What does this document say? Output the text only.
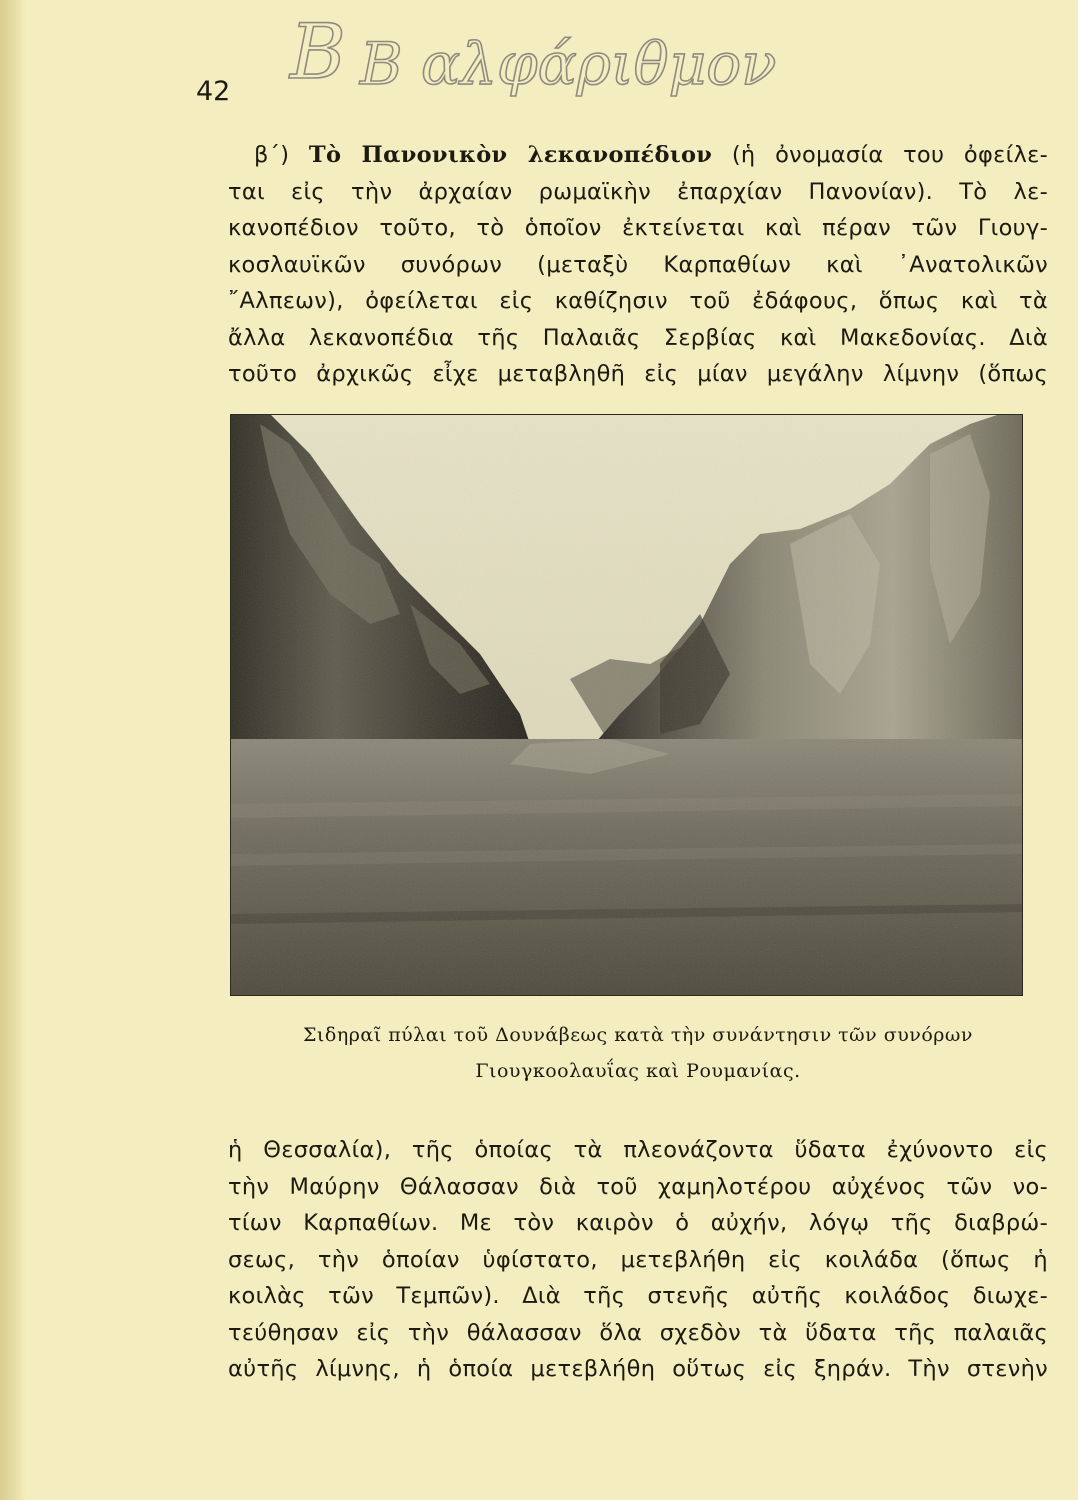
B B αλφάριθμον
42

β΄) Τὸ Πανονικὸν λεκανοπέδιον (ἡ ὀνομασία του ὀφείλε-
ται εἰς τὴν ἀρχαίαν ρωμαϊκὴν ἐπαρχίαν Πανονίαν). Τὸ λε-
κανοπέδιον τοῦτο, τὸ ὁποῖον ἐκτείνεται καὶ πέραν τῶν Γιουγ-
κοσλαυϊκῶν συνόρων (μεταξὺ Καρπαθίων καὶ ᾿Ανατολικῶν
῎Αλπεων), ὀφείλεται εἰς καθίζησιν τοῦ ἐδάφους, ὅπως καὶ τὰ
ἄλλα λεκανοπέδια τῆς Παλαιᾶς Σερβίας καὶ Μακεδονίας. Διὰ
τοῦτο ἀρχικῶς εἶχε μεταβληθῆ εἰς μίαν μεγάλην λίμνην (ὅπως

Σιδηραῖ πύλαι τοῦ Δουνάβεως κατὰ τὴν συνάντησιν τῶν συνόρων

Γιουγκοολαυΐας καὶ Ρουμανίας.

ἡ Θεσσαλία), τῆς ὁποίας τὰ πλεονάζοντα ὕδατα ἐχύνοντο εἰς
τὴν Μαύρην Θάλασσαν διὰ τοῦ χαμηλοτέρου αὐχένος τῶν νο-
τίων Καρπαθίων. Με τὸν καιρὸν ὁ αὐχήν, λόγῳ τῆς διαβρώ-
σεως, τὴν ὁποίαν ὑφίστατο, μετεβλήθη εἰς κοιλάδα (ὅπως ἡ
κοιλὰς τῶν Τεμπῶν). Διὰ τῆς στενῆς αὐτῆς κοιλάδος διωχε-
τεύθησαν εἰς τὴν θάλασσαν ὅλα σχεδὸν τὰ ὕδατα τῆς παλαιᾶς
αὐτῆς λίμνης, ἡ ὁποία μετεβλήθη οὕτως εἰς ξηράν. Τὴν στενὴν
